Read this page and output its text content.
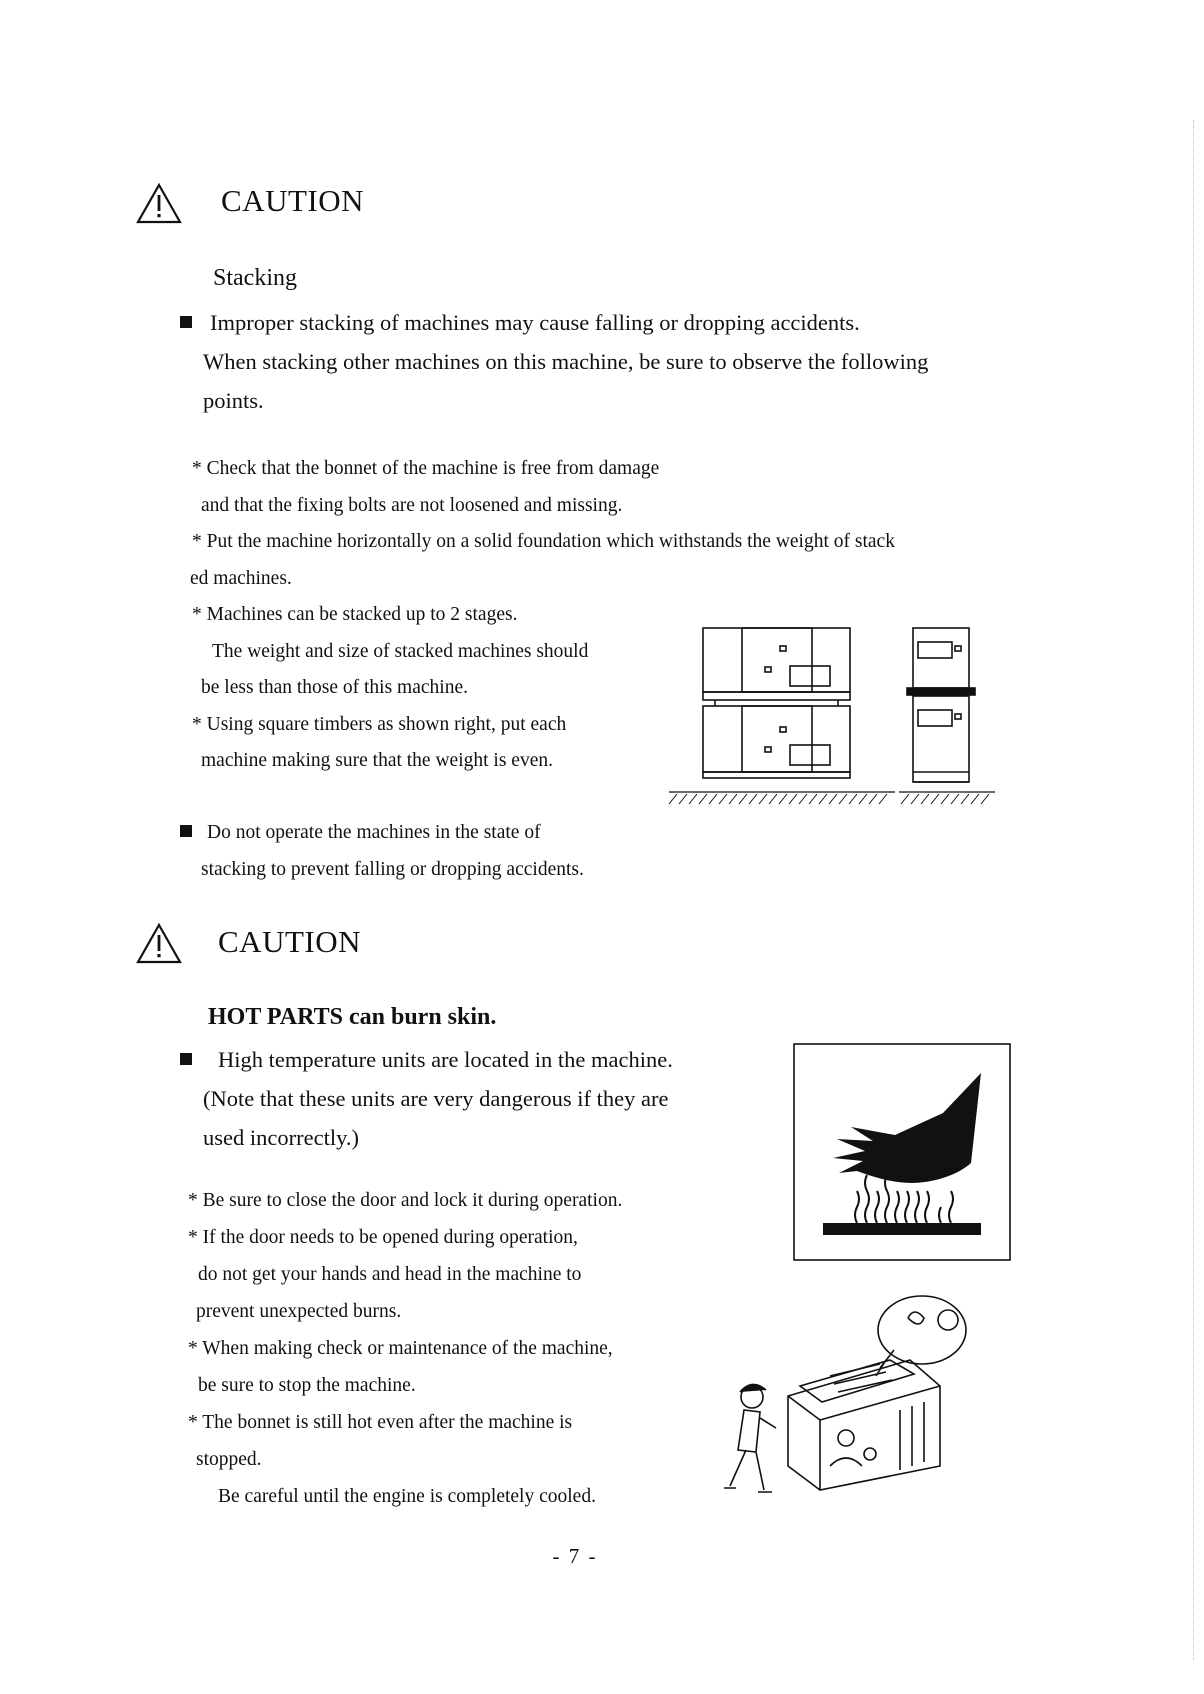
CAUTION
Stacking
Improper stacking of machines may cause falling or dropping accidents.
When stacking other machines on this machine, be sure to observe the following
points.
* Check that the bonnet of the machine is free from damage
and that the fixing bolts are not loosened and missing.
* Put the machine horizontally on a solid foundation which withstands the weight of stack
ed machines.
* Machines can be stacked up to 2 stages.
The weight and size of stacked machines should
be less than those of this machine.
* Using square timbers as shown right, put each
machine making sure that the weight is even.
Do not operate the machines in the state of
stacking to prevent falling or dropping accidents.
CAUTION
HOT PARTS can burn skin.
High temperature units are located in the machine.
(Note that these units are very dangerous if they are
used incorrectly.)
* Be sure to close the door and lock it during operation.
* If the door needs to be opened during operation,
do not get your hands and head in the machine to
prevent unexpected burns.
* When making check or maintenance of the machine,
be sure to stop the machine.
* The bonnet is still hot even after the machine is
stopped.
Be careful until the engine is completely cooled.
- 7 -
